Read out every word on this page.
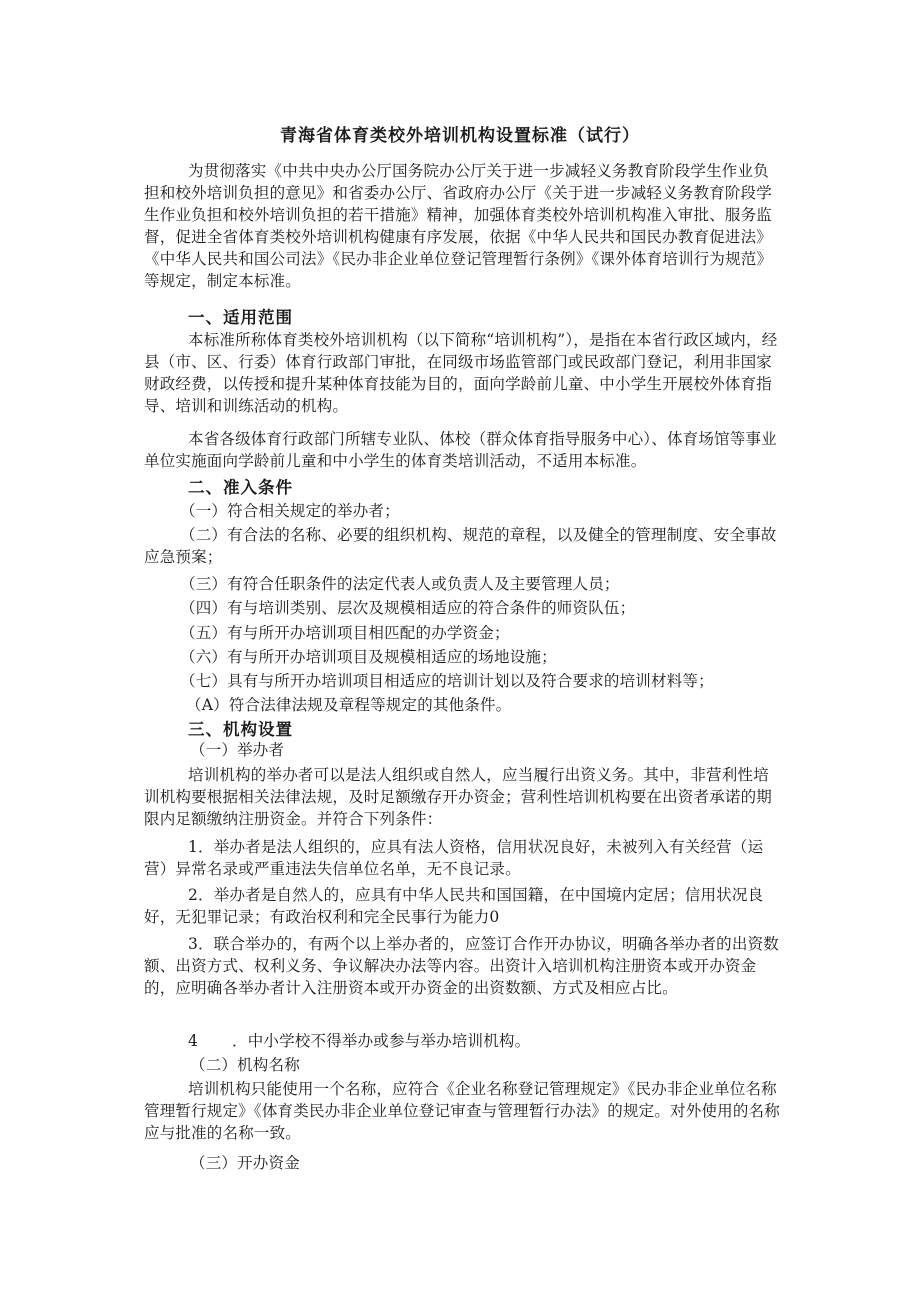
青海省体育类校外培训机构设置标准（试行）
为贯彻落实《中共中央办公厅国务院办公厅关于进一步减轻义务教育阶段学生作业负担和校外培训负担的意见》和省委办公厅、省政府办公厅《关于进一步减轻义务教育阶段学生作业负担和校外培训负担的若干措施》精神，加强体育类校外培训机构准入审批、服务监督，促进全省体育类校外培训机构健康有序发展，依据《中华人民共和国民办教育促进法》《中华人民共和国公司法》《民办非企业单位登记管理暂行条例》《课外体育培训行为规范》等规定，制定本标准。
一、适用范围
本标准所称体育类校外培训机构（以下简称“培训机构”），是指在本省行政区域内，经县（市、区、行委）体育行政部门审批，在同级市场监管部门或民政部门登记，利用非国家财政经费，以传授和提升某种体育技能为目的，面向学龄前儿童、中小学生开展校外体育指导、培训和训练活动的机构。
本省各级体育行政部门所辖专业队、体校（群众体育指导服务中心）、体育场馆等事业单位实施面向学龄前儿童和中小学生的体育类培训活动，不适用本标准。
二、准入条件
（一）符合相关规定的举办者；
（二）有合法的名称、必要的组织机构、规范的章程，以及健全的管理制度、安全事故应急预案；
（三）有符合任职条件的法定代表人或负责人及主要管理人员；
（四）有与培训类别、层次及规模相适应的符合条件的师资队伍；
（五）有与所开办培训项目相匹配的办学资金；
（六）有与所开办培训项目及规模相适应的场地设施；
（七）具有与所开办培训项目相适应的培训计划以及符合要求的培训材料等；
（A）符合法律法规及章程等规定的其他条件。
三、机构设置
（一）举办者
培训机构的举办者可以是法人组织或自然人，应当履行出资义务。其中，非营利性培训机构要根据相关法律法规，及时足额缴存开办资金；营利性培训机构要在出资者承诺的期限内足额缴纳注册资金。并符合下列条件：
1．举办者是法人组织的，应具有法人资格，信用状况良好，未被列入有关经营（运营）异常名录或严重违法失信单位名单，无不良记录。
2．举办者是自然人的，应具有中华人民共和国国籍，在中国境内定居；信用状况良好，无犯罪记录；有政治权利和完全民事行为能力0
3．联合举办的，有两个以上举办者的，应签订合作开办协议，明确各举办者的出资数额、出资方式、权利义务、争议解决办法等内容。出资计入培训机构注册资本或开办资金的，应明确各举办者计入注册资本或开办资金的出资数额、方式及相应占比。
4 ．中小学校不得举办或参与举办培训机构。
（二）机构名称
培训机构只能使用一个名称，应符合《企业名称登记管理规定》《民办非企业单位名称管理暂行规定》《体育类民办非企业单位登记审查与管理暂行办法》的规定。对外使用的名称应与批准的名称一致。
（三）开办资金
